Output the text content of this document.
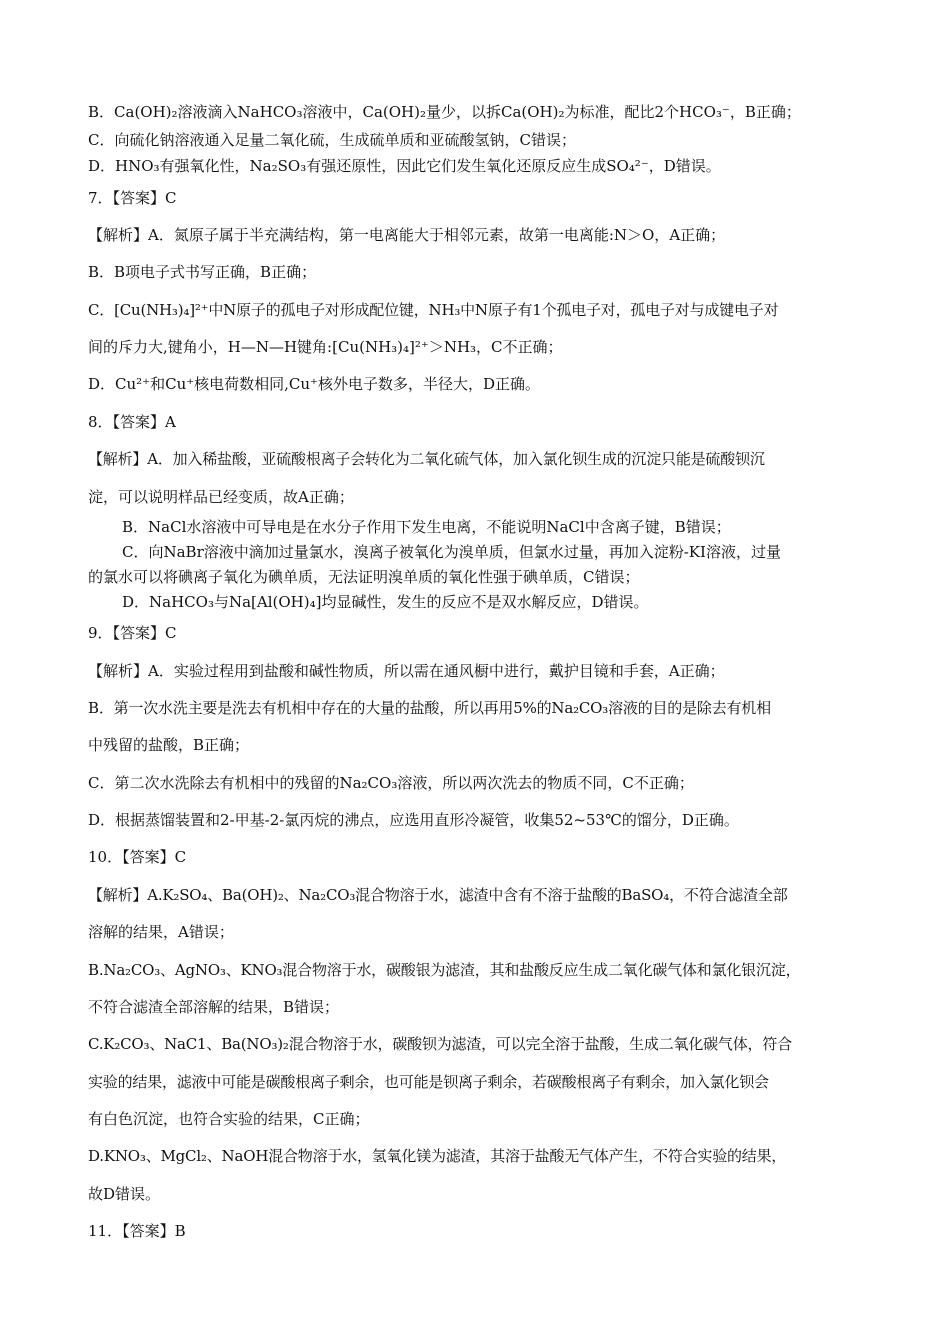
B．Ca(OH)₂溶液滴入NaHCO₃溶液中，Ca(OH)₂量少，以拆Ca(OH)₂为标准，配比2个HCO₃⁻，B正确；
C．向硫化钠溶液通入足量二氧化硫，生成硫单质和亚硫酸氢钠，C错误；
D．HNO₃有强氧化性，Na₂SO₃有强还原性，因此它们发生氧化还原反应生成SO₄²⁻，D错误。
7．【答案】C
【解析】A．氮原子属于半充满结构，第一电离能大于相邻元素，故第一电离能:N＞O，A正确；
B．B项电子式书写正确，B正确；
C．[Cu(NH₃)₄]²⁺中N原子的孤电子对形成配位键，NH₃中N原子有1个孤电子对，孤电子对与成键电子对
间的斥力大,键角小，H—N—H键角:[Cu(NH₃)₄]²⁺＞NH₃，C不正确；
D．Cu²⁺和Cu⁺核电荷数相同,Cu⁺核外电子数多，半径大，D正确。
8．【答案】A
【解析】A．加入稀盐酸，亚硫酸根离子会转化为二氧化硫气体，加入氯化钡生成的沉淀只能是硫酸钡沉
淀，可以说明样品已经变质，故A正确；
B．NaCl水溶液中可导电是在水分子作用下发生电离，不能说明NaCl中含离子键，B错误；
C．向NaBr溶液中滴加过量氯水，溴离子被氧化为溴单质，但氯水过量，再加入淀粉-KI溶液，过量
的氯水可以将碘离子氧化为碘单质，无法证明溴单质的氧化性强于碘单质，C错误；
D．NaHCO₃与Na[Al(OH)₄]均显碱性，发生的反应不是双水解反应，D错误。
9．【答案】C
【解析】A．实验过程用到盐酸和碱性物质，所以需在通风橱中进行，戴护目镜和手套，A正确；
B．第一次水洗主要是洗去有机相中存在的大量的盐酸，所以再用5%的Na₂CO₃溶液的目的是除去有机相
中残留的盐酸，B正确；
C．第二次水洗除去有机相中的残留的Na₂CO₃溶液，所以两次洗去的物质不同，C不正确；
D．根据蒸馏装置和2-甲基-2-氯丙烷的沸点，应选用直形冷凝管，收集52~53℃的馏分，D正确。
10．【答案】C
【解析】A.K₂SO₄、Ba(OH)₂、Na₂CO₃混合物溶于水，滤渣中含有不溶于盐酸的BaSO₄，不符合滤渣全部
溶解的结果，A错误；
B.Na₂CO₃、AgNO₃、KNO₃混合物溶于水，碳酸银为滤渣，其和盐酸反应生成二氧化碳气体和氯化银沉淀，
不符合滤渣全部溶解的结果，B错误；
C.K₂CO₃、NaC1、Ba(NO₃)₂混合物溶于水，碳酸钡为滤渣，可以完全溶于盐酸，生成二氧化碳气体，符合
实验的结果，滤液中可能是碳酸根离子剩余，也可能是钡离子剩余，若碳酸根离子有剩余，加入氯化钡会
有白色沉淀，也符合实验的结果，C正确；
D.KNO₃、MgCl₂、NaOH混合物溶于水，氢氧化镁为滤渣，其溶于盐酸无气体产生，不符合实验的结果，
故D错误。
11．【答案】B
